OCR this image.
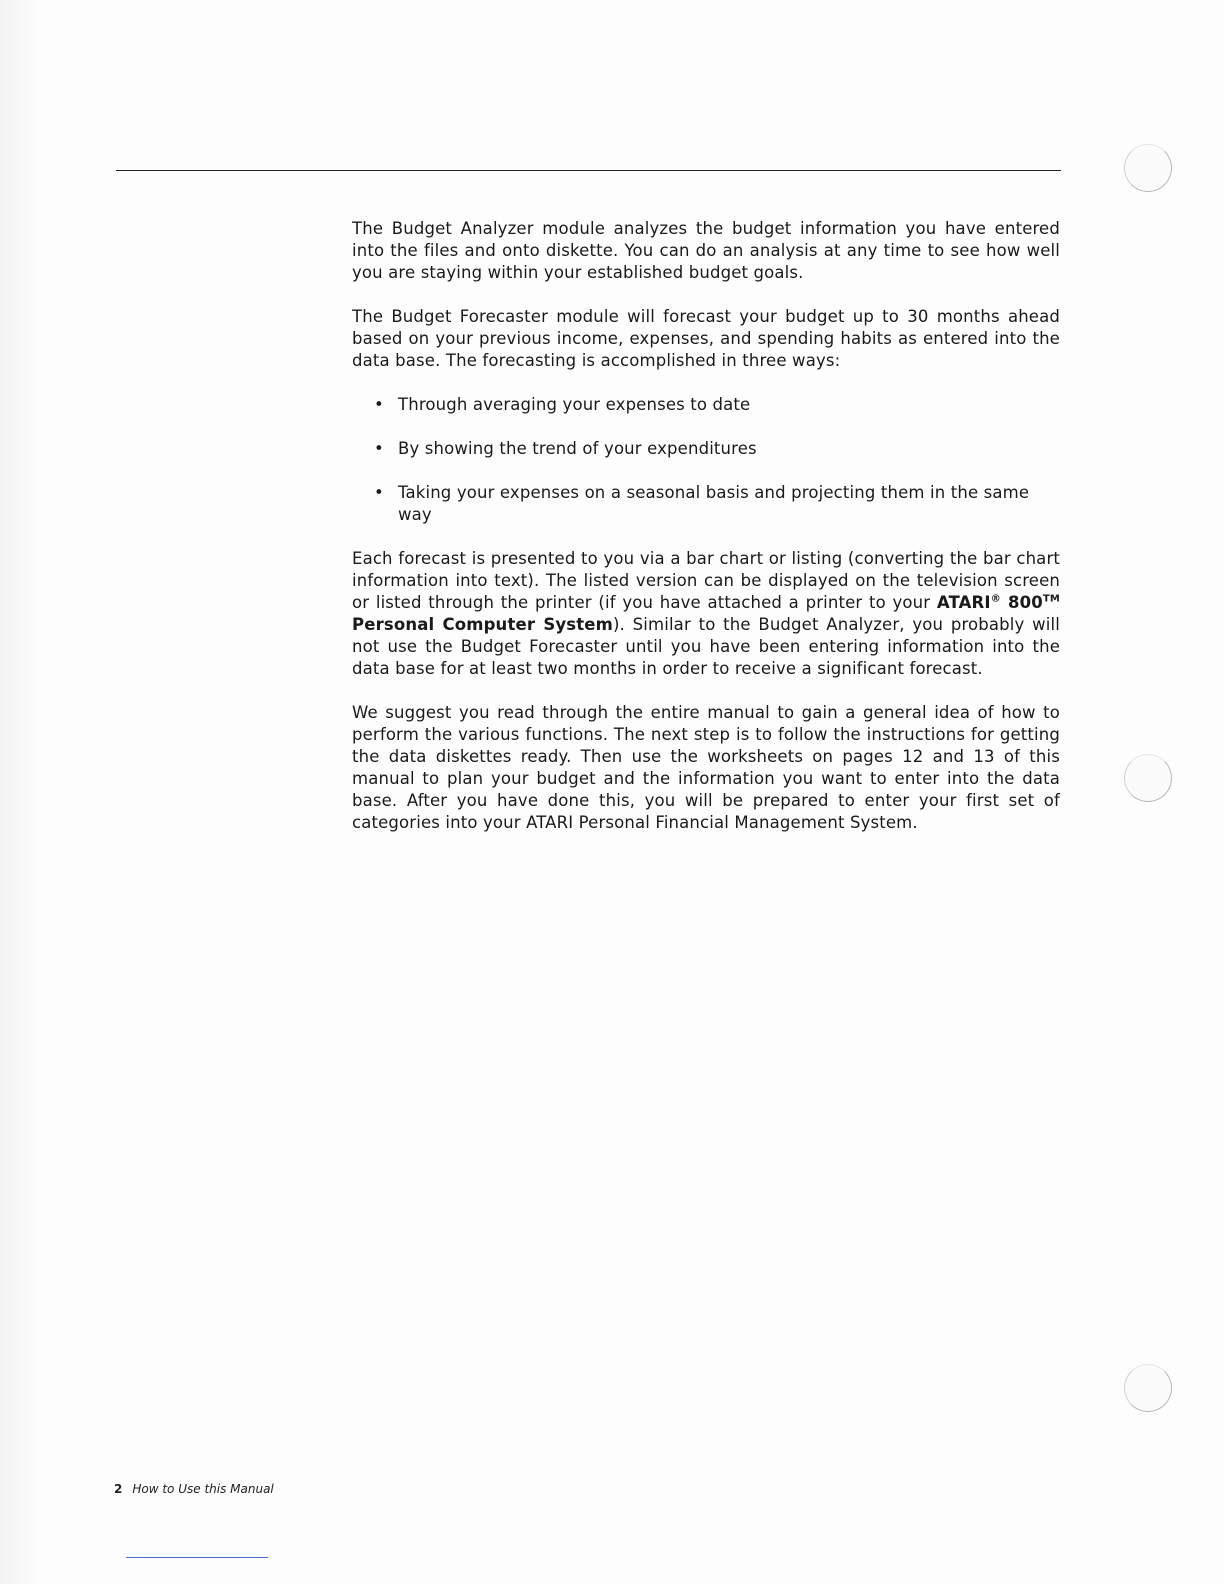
The Budget Analyzer module analyzes the budget information you have entered into the files and onto diskette. You can do an analysis at any time to see how well you are staying within your established budget goals.

The Budget Forecaster module will forecast your budget up to 30 months ahead based on your previous income, expenses, and spending habits as entered into the data base. The forecasting is accomplished in three ways:

• Through averaging your expenses to date
• By showing the trend of your expenditures
• Taking your expenses on a seasonal basis and projecting them in the same way

Each forecast is presented to you via a bar chart or listing (converting the bar chart information into text). The listed version can be displayed on the television screen or listed through the printer (if you have attached a printer to your ATARI® 800™ Personal Computer System). Similar to the Budget Analyzer, you probably will not use the Budget Forecaster until you have been entering information into the data base for at least two months in order to receive a significant forecast.

We suggest you read through the entire manual to gain a general idea of how to perform the various functions. The next step is to follow the instructions for getting the data diskettes ready. Then use the worksheets on pages 12 and 13 of this manual to plan your budget and the information you want to enter into the data base. After you have done this, you will be prepared to enter your first set of categories into your ATARI Personal Financial Management System.

2 How to Use this Manual
